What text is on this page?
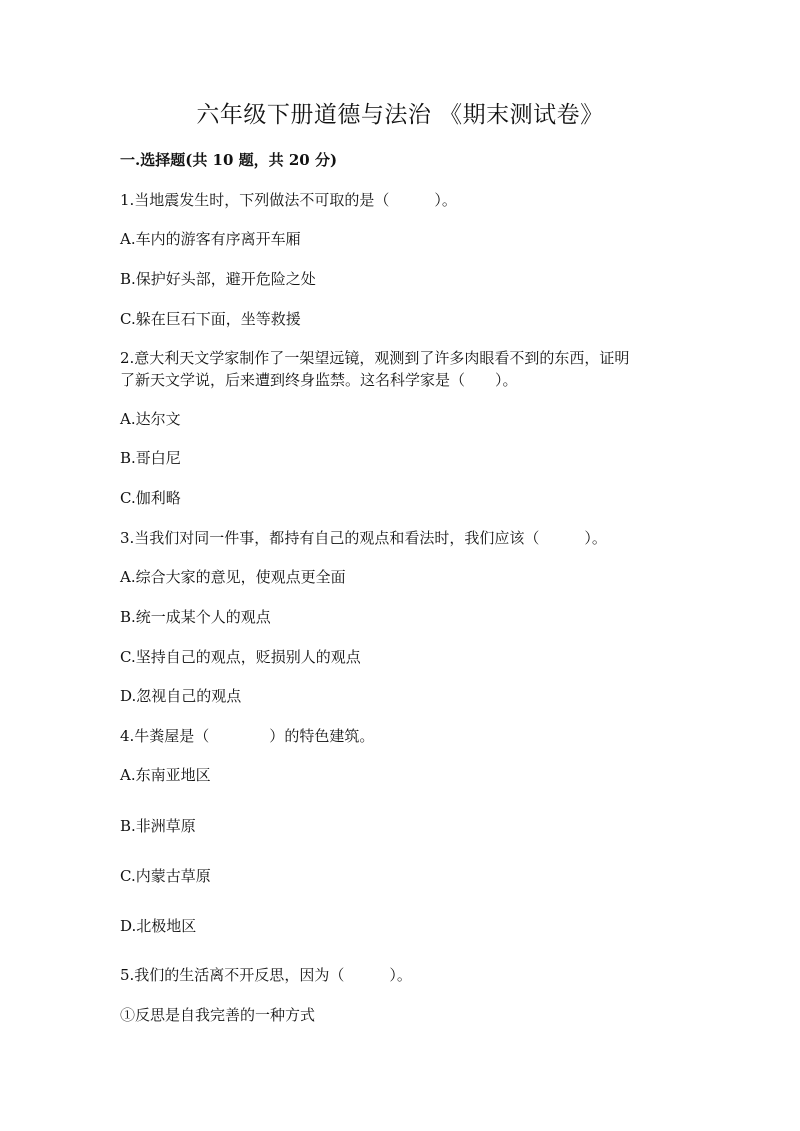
六年级下册道德与法治 《期末测试卷》
一.选择题(共 10 题，共 20 分)
1.当地震发生时，下列做法不可取的是（　　　）。
A.车内的游客有序离开车厢
B.保护好头部，避开危险之处
C.躲在巨石下面，坐等救援
2.意大利天文学家制作了一架望远镜，观测到了许多肉眼看不到的东西，证明
了新天文学说，后来遭到终身监禁。这名科学家是（　　）。
A.达尔文
B.哥白尼
C.伽利略
3.当我们对同一件事，都持有自己的观点和看法时，我们应该（　　　）。
A.综合大家的意见，使观点更全面
B.统一成某个人的观点
C.坚持自己的观点，贬损别人的观点
D.忽视自己的观点
4.牛粪屋是（　　　　）的特色建筑。
A.东南亚地区
B.非洲草原
C.内蒙古草原
D.北极地区
5.我们的生活离不开反思，因为（　　　）。
①反思是自我完善的一种方式
